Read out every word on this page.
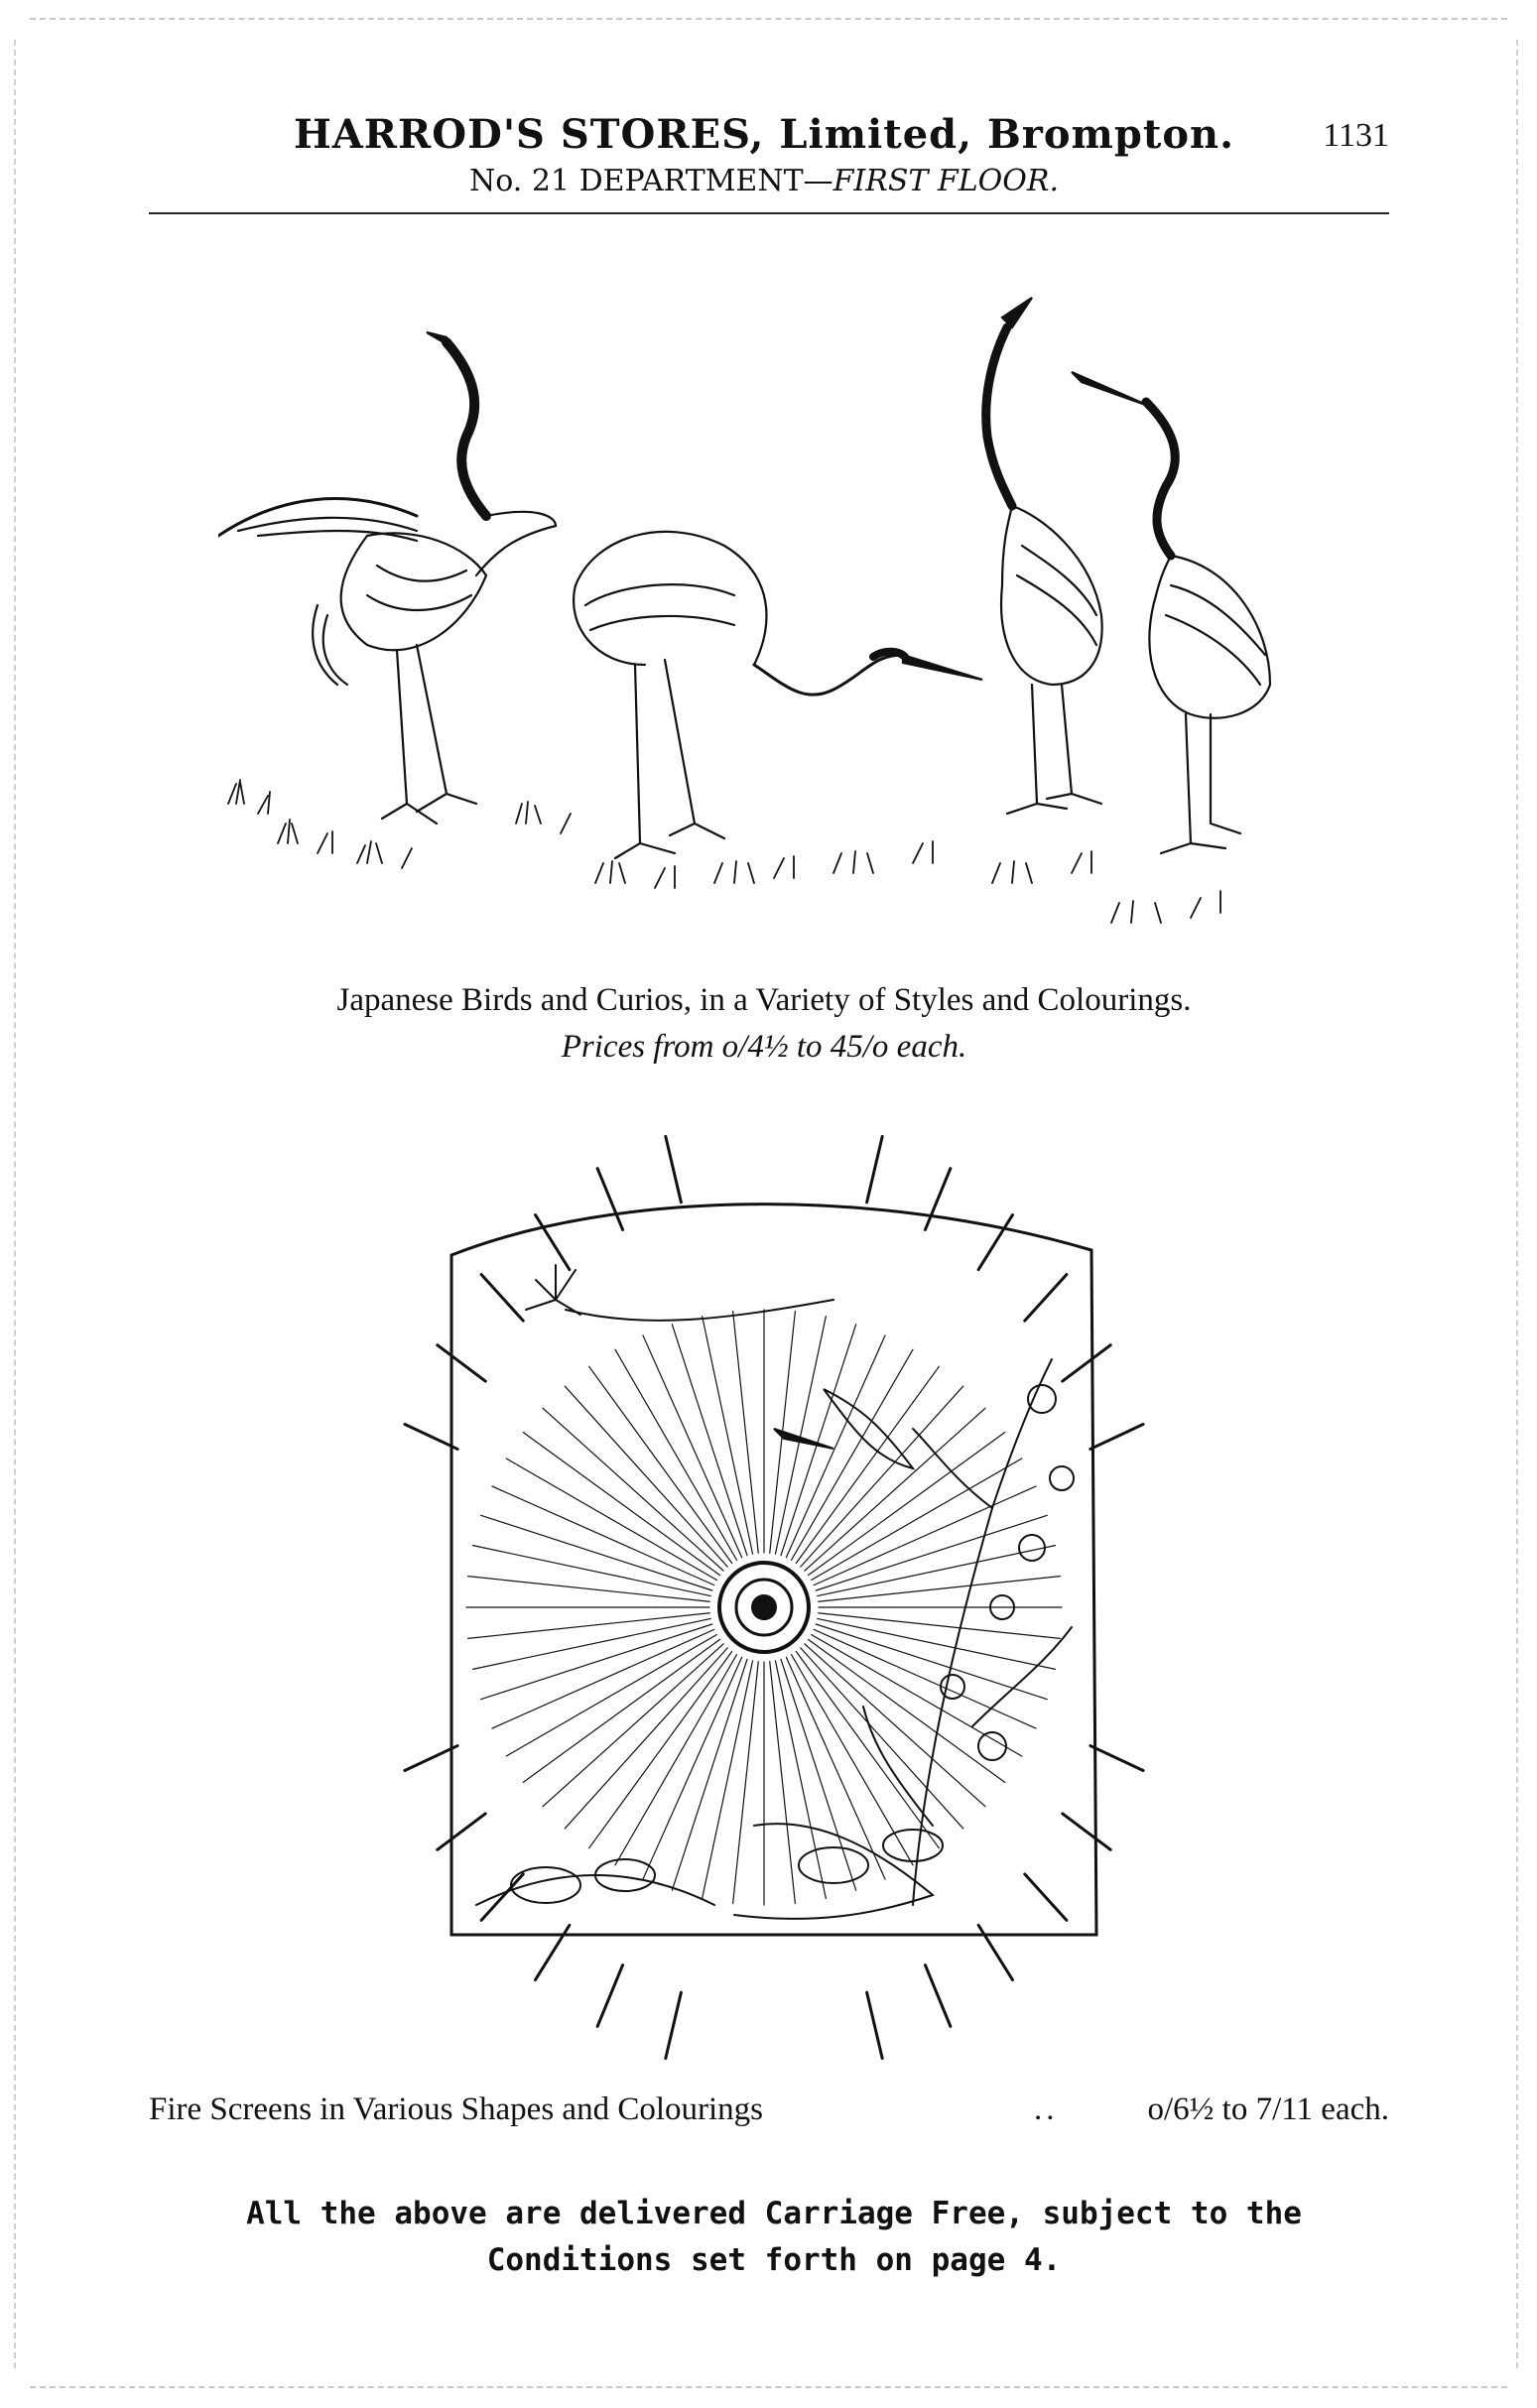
HARROD'S STORES, Limited, Brompton.	1131
No. 21 DEPARTMENT—FIRST FLOOR.
Japanese Birds and Curios, in a Variety of Styles and Colourings.
Prices from o/4½ to 45/o each.
Fire Screens in Various Shapes and Colourings	..	o/6½ to 7/11 each.
All the above are delivered Carriage Free, subject to the Conditions set forth on page 4.
